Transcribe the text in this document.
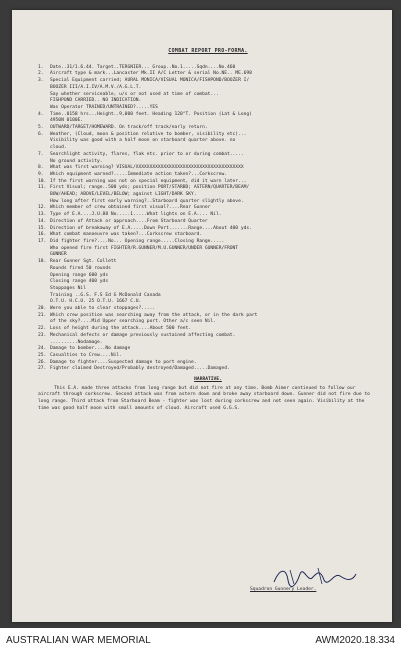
COMBAT REPORT PRO-FORMA.
1.	Date..31/1.6.44. Target..TERGNIER... Group..No.1.....Sqdn....No.460
2.	Aircraft type & mark...Lancaster Mk.II A/C Letter & serial No.NE.. ME.698
3.	Special Equipment carried; AURAL MONICA/VISUAL MONICA/FISHPOND/BOOZER I/
BOOZER III/A.I.IV/A.M.V./A.G.L.T.
Say whether serviceable, u/s or not used at time of combat...
FISHPOND CARRIED.. NO INDICATION.
Was Operator TRAINED/UNTRAINED?.....YES
4.	Time..0158 hrs...Height..9,000 feet. Heading 120°T. Position (Lat & Long)
4950N 0100E.
5.	OUTWARD/TARGET/HOMEWARD. On track/off track/early return.
6.	Weather, (Cloud, moon & position relative to bomber, visibility etc)...
Visibility was good with a half moon on starboard quarter above. no
cloud.
7.	Searchlight activity, flares, flak etc. prior to or during combat.....
No ground activity.
8.	What was first warning? VISUAL/XXXXXXXXXXXXXXXXXXXXXXXXXXXXXXXXXXXXXXX
9.	Which equipment warned?.....Immediate action taken?...Corkscrew.
10. If the first warning was not on special equipment, did it warn later...
11. First Visual; range..500 yds; position PORT/STARBD; ASTERN/QUARTER/BEAM/
BOW/AHEAD; ABOVE/LEVEL/BELOW; against LIGHT/DARK SKY.
How long after first early warning?..Starboard quarter slightly above.
12. Which member of crew obtained first visual?....Rear Gunner
13. Type of E.A....J.U.88 No.....1.....What lights on E.A.... Nil.
14. Direction of Attack or approach....From Starboard Quarter
15. Direction of breakaway of E.A.....Down Port.......Range....About 400 yds.
16. What combat manoeuvre was taken?...Corkscrew starboard.
17. Did fighter fire?....No... Opening range.....Closing Range.....
Who opened fire first FIGHTER/R.GUNNER/M.U.GUNNER/UNDER GUNNER/FRONT
GUNNER
18. Rear Gunner Sgt. Collett
Rounds fired 50 rounds
Opening range 600 yds
Closing range 400 yds
Stoppages Nil
Training ..G.S. F.S Ed G McDonald Canada
O.T.U. H.C.U. 25 O.T.U. 1667 C.U.
20. Were you able to clear stoppages?.....
21. Which crew position was searching away from the attack, or in the dark part
of the sky?....Mid Upper searching port. Other a/c seen Nil.
22. Loss of height during the attack....About 500 feet.
23. Mechanical defects or damage previously sustained affecting combat.
..........Nodamage.
24. Damage to bomber....No damage
25. Casualties to Crew....Nil.
26. Damage to fighter....Suspected damage to port engine.
27. Fighter claimed Destroyed/Probably destroyed/Damaged.....Damaged.
NARRATIVE.
This E.A. made three attacks from long range but did not fire at any time. Bomb Aimer continued to follow our aircraft through corkscrew. Second attack was from astern down and broke away starboard down. Gunner did not fire due to long range. Third attack from Starboard Beam - fighter was lost during corkscrew and not seen again. Visibility at the time was good half moon with small amounts of cloud. Aircraft used G.G.S.
Squadron Gunnery Leader.
AUSTRALIAN WAR MEMORIAL	AWM2020.18.334
